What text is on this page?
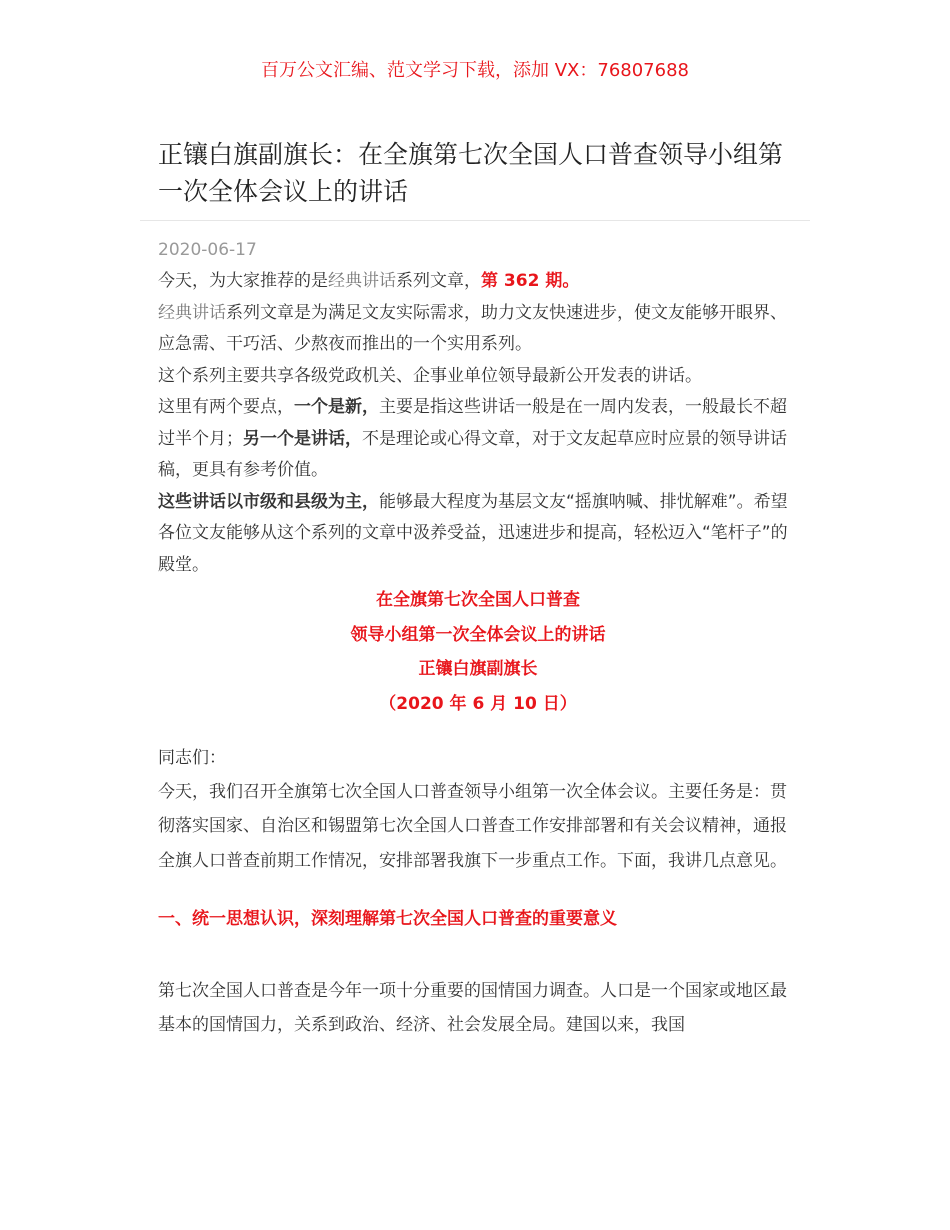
百万公文汇编、范文学习下载，添加 VX：76807688
正镶白旗副旗长：在全旗第七次全国人口普查领导小组第一次全体会议上的讲话
2020-06-17

今天，为大家推荐的是经典讲话系列文章，第 362 期。

经典讲话系列文章是为满足文友实际需求，助力文友快速进步，使文友能够开眼界、应急需、干巧活、少熬夜而推出的一个实用系列。

这个系列主要共享各级党政机关、企事业单位领导最新公开发表的讲话。

这里有两个要点，一个是新，主要是指这些讲话一般是在一周内发表，一般最长不超过半个月；另一个是讲话，不是理论或心得文章，对于文友起草应时应景的领导讲话稿，更具有参考价值。

这些讲话以市级和县级为主，能够最大程度为基层文友“摇旗呐喊、排忧解难”。希望各位文友能够从这个系列的文章中汲养受益，迅速进步和提高，轻松迈入“笔杆子”的殿堂。

在全旗第七次全国人口普查
领导小组第一次全体会议上的讲话
正镶白旗副旗长
（2020 年 6 月 10 日）

同志们：

今天，我们召开全旗第七次全国人口普查领导小组第一次全体会议。主要任务是：贯彻落实国家、自治区和锡盟第七次全国人口普查工作安排部署和有关会议精神，通报全旗人口普查前期工作情况，安排部署我旗下一步重点工作。下面，我讲几点意见。

一、统一思想认识，深刻理解第七次全国人口普查的重要意义

第七次全国人口普查是今年一项十分重要的国情国力调查。人口是一个国家或地区最基本的国情国力，关系到政治、经济、社会发展全局。建国以来，我国
